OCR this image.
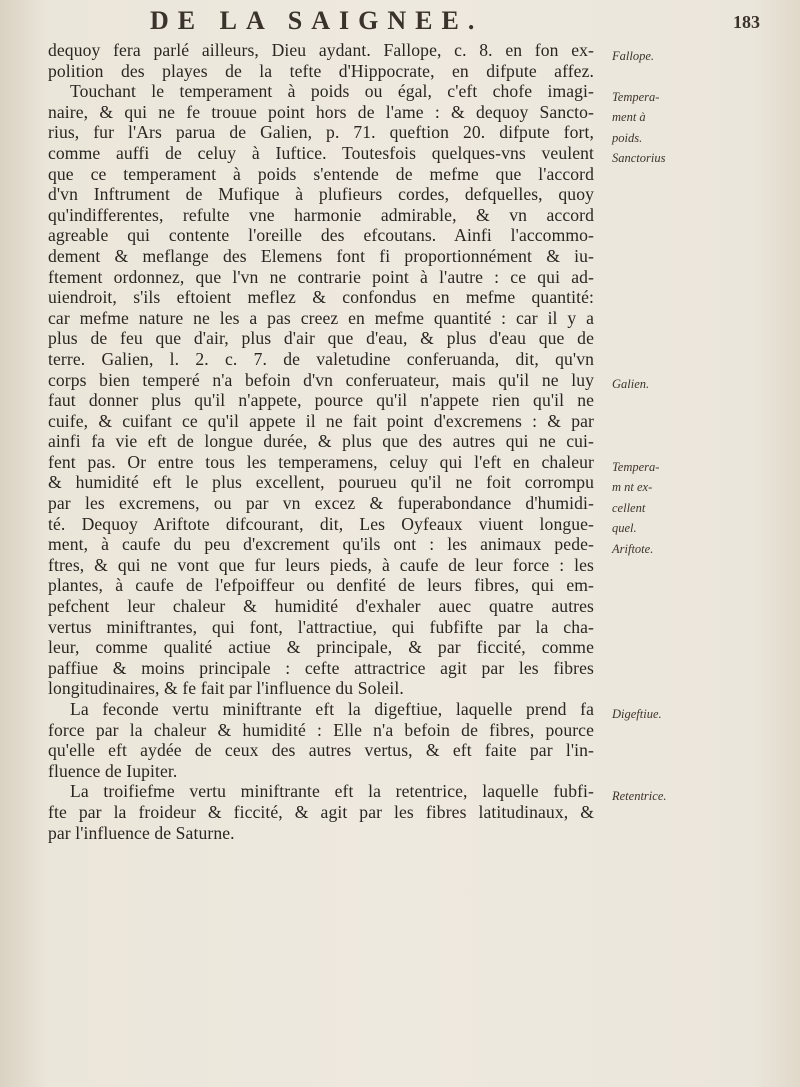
DE LA SAIGNEE.	183
dequoy fera parlé ailleurs, Dieu aydant. Fallope, c. 8. en fon ex-
polition des playes de la tefte d'Hippocrate, en difpute affez.
Touchant le temperament à poids ou égal, c'eft chofe imagi-
naire, & qui ne fe trouue point hors de l'ame : & dequoy Sancto-
rius, fur l'Ars parua de Galien, p. 71. queftion 20. difpute fort,
comme auffi de celuy à Iuftice. Toutesfois quelques-vns veulent
que ce temperament à poids s'entende de mefme que l'accord
d'vn Inftrument de Mufique à plufieurs cordes, defquelles, quoy
qu'indifferentes, refulte vne harmonie admirable, & vn accord
agreable qui contente l'oreille des efcoutans. Ainfi l'accommo-
dement & meflange des Elemens font fi proportionnément & iu-
ftement ordonnez, que l'vn ne contrarie point à l'autre : ce qui ad-
uiendroit, s'ils eftoient meflez & confondus en mefme quantité:
car mefme nature ne les a pas creez en mefme quantité : car il y a
plus de feu que d'air, plus d'air que d'eau, & plus d'eau que de
terre. Galien, l. 2. c. 7. de valetudine conferuanda, dit, qu'vn
corps bien temperé n'a befoin d'vn conferuateur, mais qu'il ne luy
faut donner plus qu'il n'appete, pource qu'il n'appete rien qu'il ne
cuife, & cuifant ce qu'il appete il ne fait point d'excremens : & par
ainfi fa vie eft de longue durée, & plus que des autres qui ne cui-
fent pas. Or entre tous les temperamens, celuy qui l'eft en chaleur
& humidité eft le plus excellent, pourueu qu'il ne foit corrompu
par les excremens, ou par vn excez & fuperabondance d'humidi-
té. Dequoy Ariftote difcourant, dit, Les Oyfeaux viuent longue-
ment, à caufe du peu d'excrement qu'ils ont : les animaux pede-
ftres, & qui ne vont que fur leurs pieds, à caufe de leur force : les
plantes, à caufe de l'efpoiffeur ou denfité de leurs fibres, qui em-
pefchent leur chaleur & humidité d'exhaler auec quatre autres
vertus miniftrantes, qui font, l'attractiue, qui fubfifte par la cha-
leur, comme qualité actiue & principale, & par ficcité, comme
paffiue & moins principale : cefte attractrice agit par les fibres
longitudinaires, & fe fait par l'influence du Soleil.
La feconde vertu miniftrante eft la digeftiue, laquelle prend fa
force par la chaleur & humidité : Elle n'a befoin de fibres, pource
qu'elle eft aydée de ceux des autres vertus, & eft faite par l'in-
fluence de Iupiter.
La troifiefme vertu miniftrante eft la retentrice, laquelle fubfi-
fte par la froideur & ficcité, & agit par les fibres latitudinaux, &
par l'influence de Saturne.
Fallope.
Tempera-
ment à
poids.
Sanctorius
Galien.
Tempera-
m nt ex-
cellent
quel.
Ariftote.
Digeftiue.
Retentrice.
